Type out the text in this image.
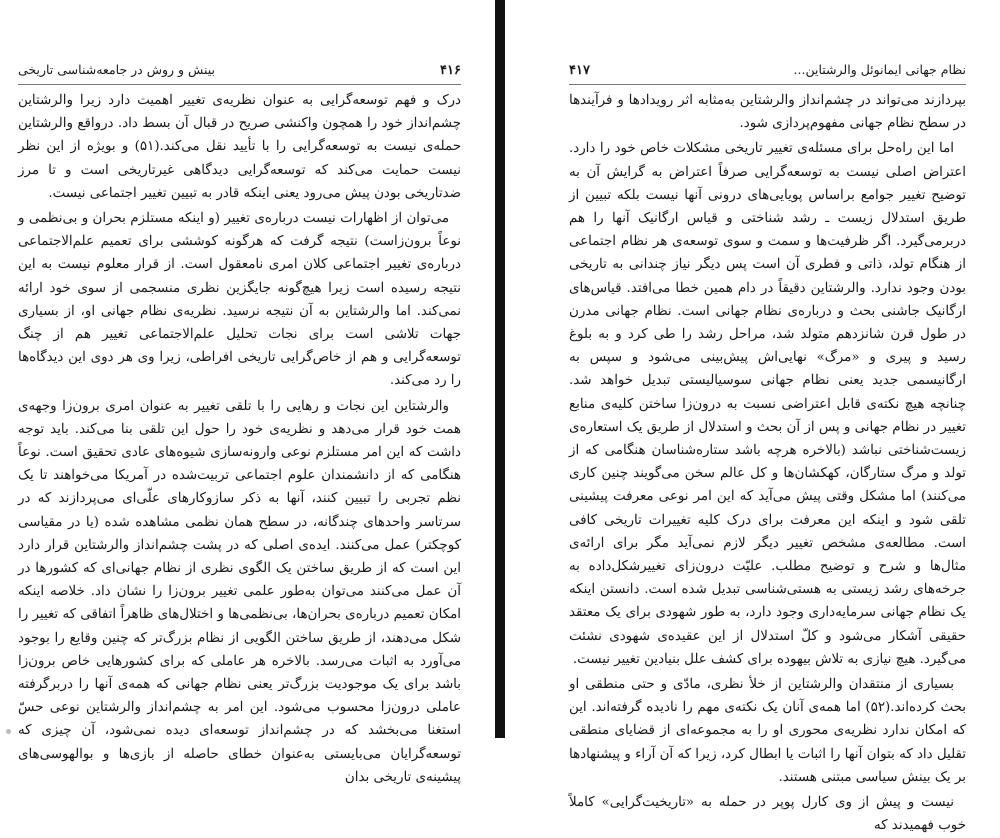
۴۱۶
بینش و روش در جامعه‌شناسی تاریخی

درک و فهم توسعه‌گرایی به عنوان نظریه‌ی تغییر اهمیت دارد زیرا والرشتاین چشم‌انداز خود را همچون واکنشی صریح در قبال آن بسط داد. درواقع والرشتاین حمله‌ی نیست به توسعه‌گرایی را با تأیید نقل می‌کند.(۵۱) و بویژه از این نظر نیست حمایت می‌کند که توسعه‌گرایی دیدگاهی غیرتاریخی است و تا مرز ضدتاریخی بودن پیش می‌رود یعنی اینکه قادر به تبیین تغییر اجتماعی نیست.

می‌توان از اظهارات نیست درباره‌ی تغییر (و اینکه مستلزم بحران و بی‌نظمی و نوعاً برون‌زاست) نتیجه گرفت که هرگونه کوششی برای تعمیم علم‌الاجتماعی درباره‌ی تغییر اجتماعی کلان امری نامعقول است. از قرار معلوم نیست به این نتیجه رسیده است زیرا هیچ‌گونه جایگزین نظری منسجمی از سوی خود ارائه نمی‌کند. اما والرشتاین به آن نتیجه نرسید. نظریه‌ی نظام جهانی او، از بسیاری جهات تلاشی است برای نجات تحلیل علم‌الاجتماعی تغییر هم از چنگ توسعه‌گرایی و هم از خاص‌گرایی تاریخی افراطی، زیرا وی هر دوی این دیدگاه‌ها را رد می‌کند.

والرشتاین این نجات و رهایی را با تلقی تغییر به عنوان امری برون‌زا وجهه‌ی همت خود قرار می‌دهد و نظریه‌ی خود را حول این تلقی بنا می‌کند. باید توجه داشت که این امر مستلزم نوعی وارونه‌سازی شیوه‌های عادی تحقیق است. نوعاً هنگامی که از دانشمندان علوم اجتماعی تربیت‌شده در آمریکا می‌خواهند تا یک نظم تجربی را تبیین کنند، آنها به ذکر سازوکارهای علّی‌ای می‌پردازند که در سرتاسر واحدهای چندگانه، در سطح همان نظمی مشاهده شده (یا در مقیاسی کوچکتر) عمل می‌کنند. ایده‌ی اصلی که در پشت چشم‌انداز والرشتاین قرار دارد این است که از طریق ساختن یک الگوی نظری از نظام جهانی‌ای که کشورها در آن عمل می‌کنند می‌توان به‌طور علمی تغییر برون‌زا را نشان داد. خلاصه اینکه امکان تعمیم درباره‌ی بحران‌ها، بی‌نظمی‌ها و اختلال‌های ظاهراً اتفاقی که تغییر را شکل می‌دهند، از طریق ساختن الگویی از نظام بزرگ‌تر که چنین وقایع را بوجود می‌آورد به اثبات می‌رسد. بالاخره هر عاملی که برای کشورهایی خاص برون‌زا باشد برای یک موجودیت بزرگ‌تر یعنی نظام جهانی که همه‌ی آنها را دربرگرفته عاملی درون‌زا محسوب می‌شود. این امر به چشم‌انداز والرشتاین نوعی حسّ استغنا می‌بخشد که در چشم‌انداز توسعه‌ای دیده نمی‌شود، آن چیزی که توسعه‌گرایان می‌بایستی به‌عنوان خطای حاصله از بازی‌ها و بوالهوسی‌های پیشینه‌ی تاریخی بدان

نظام جهانی ایمانوئل والرشتاین...
۴۱۷

بپردازند می‌تواند در چشم‌انداز والرشتاین به‌مثابه اثر رویدادها و فرآیندها در سطح نظام جهانی مفهوم‌پردازی شود.

اما این راه‌حل برای مسئله‌ی تغییر تاریخی مشکلات خاص خود را دارد. اعتراض اصلی نیست به توسعه‌گرایی صرفاً اعتراض به گرایش آن به توضیح تغییر جوامع براساس پویایی‌های درونی آنها نیست بلکه تبیین از طریق استدلال زیست ـ رشد شناختی و قیاس ارگانیک آنها را هم دربرمی‌گیرد. اگر ظرفیت‌ها و سمت و سوی توسعه‌ی هر نظام اجتماعی از هنگام تولد، ذاتی و فطری آن است پس دیگر نیاز چندانی به تاریخی بودن وجود ندارد. والرشتاین دقیقاً در دام همین خطا می‌افتد. قیاس‌های ارگانیک جاشنی بحث و درباره‌ی نظام جهانی است. نظام جهانی مدرن در طول قرن شانزدهم متولد شد، مراحل رشد را طی کرد و به بلوغ رسید و پیری و «مرگ» نهایی‌اش پیش‌بینی می‌شود و سپس به ارگانیسمی جدید یعنی نظام جهانی سوسیالیستی تبدیل خواهد شد. چنانچه هیچ نکته‌ی قابل اعتراضی نسبت به درون‌زا ساختن کلیه‌ی منابع تغییر در نظام جهانی و پس از آن بحث و استدلال از طریق یک استعاره‌ی زیست‌شناختی نباشد (بالاخره هرچه باشد ستاره‌شناسان هنگامی که از تولد و مرگ ستارگان، کهکشان‌ها و کل عالم سخن می‌گویند چنین کاری می‌کنند) اما مشکل وقتی پیش می‌آید که این امر نوعی معرفت پیشینی تلقی شود و اینکه این معرفت برای درک کلیه تغییرات تاریخی کافی است. مطالعه‌ی مشخص تغییر دیگر لازم نمی‌آید مگر برای ارائه‌ی مثال‌ها و شرح و توضیح مطلب. علیّت درون‌زای تغییرشکل‌داده به جرخه‌های رشد زیستی به هستی‌شناسی تبدیل شده است. دانستن اینکه یک نظام جهانی سرمایه‌داری وجود دارد، به طور شهودی برای یک معتقد حقیقی آشکار می‌شود و کلّ استدلال از این عقیده‌ی شهودی نشئت می‌گیرد. هیچ نیازی به تلاش بیهوده برای کشف علل بنیادین تغییر نیست.

بسیاری از منتقدان والرشتاین از خلأ نظری، مادّی و حتی منطقی او بحث کرده‌اند.(۵۲) اما همه‌ی آنان یک نکته‌ی مهم را نادیده گرفته‌اند. این که امکان ندارد نظریه‌ی محوری او را به مجموعه‌ای از قضایای منطقی تقلیل داد که بتوان آنها را اثبات یا ابطال کرد، زیرا که آن آراء و پیشنهادها بر یک بینش سیاسی مبتنی هستند.

نیست و پیش از وی کارل پوپر در حمله به «تاریخیت‌گرایی» کاملاً خوب فهمیدند که
